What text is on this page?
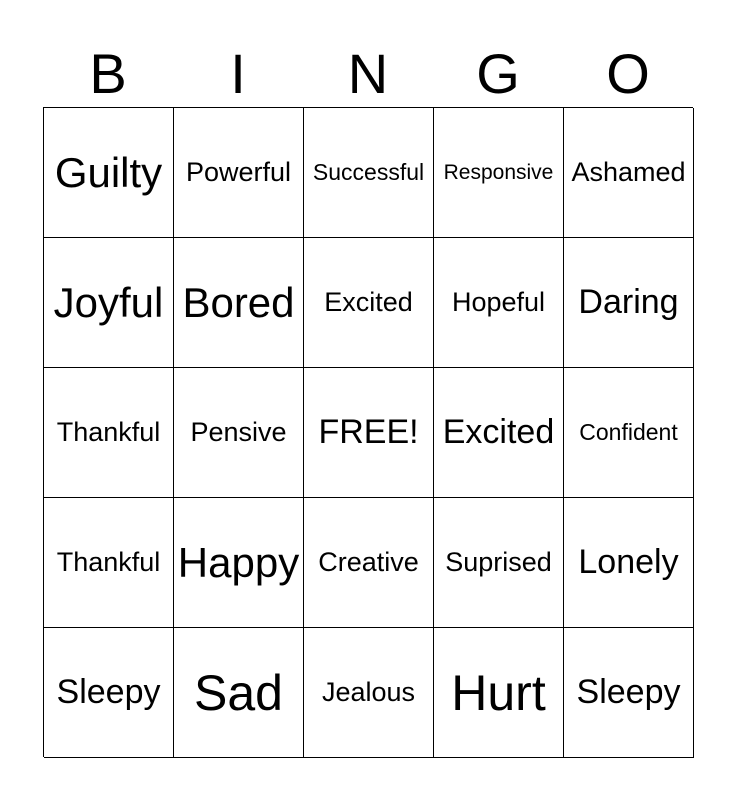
B	I	N	G	O
Guilty Powerful Successful Responsive Ashamed
Joyful Bored	Excited	Hopeful Daring
Thankful	Pensive FREE! Excited	Confident
Thankful Happy Creative Suprised Lonely
Sleepy Sad	Jealous Hurt Sleepy
